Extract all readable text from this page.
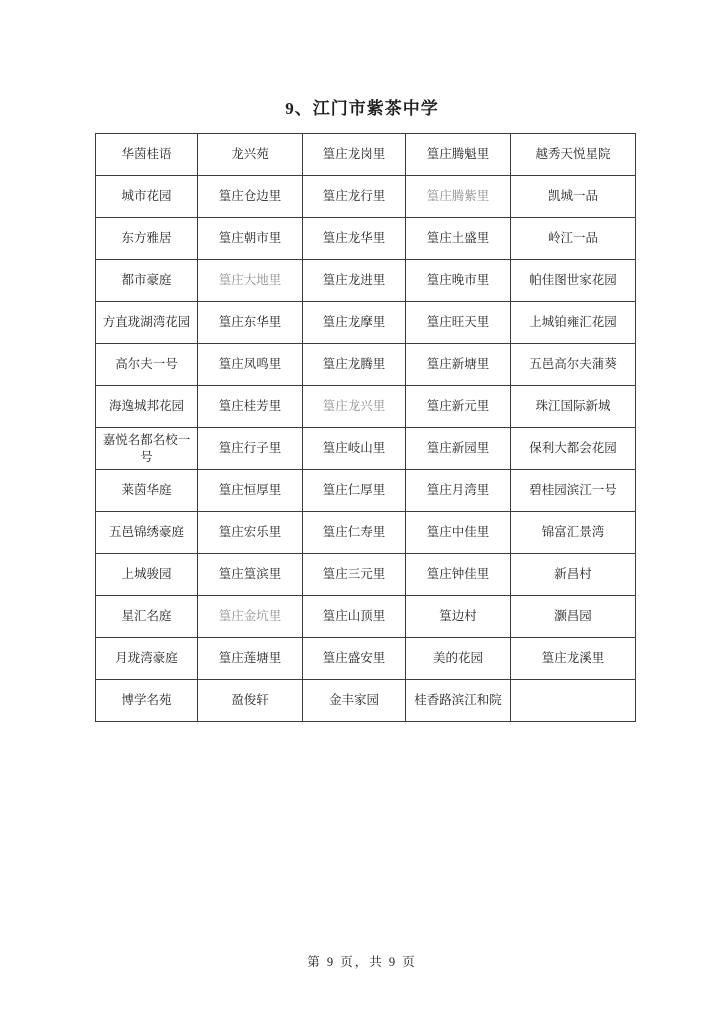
9、江门市紫茶中学
华茵桂语	龙兴苑	篁庄龙岗里	篁庄腾魁里	越秀天悦星院
城市花园	篁庄仓边里	篁庄龙行里	篁庄腾紫里	凯城一品
东方雅居	篁庄朝市里	篁庄龙华里	篁庄土盛里	岭江一品
都市豪庭	篁庄大地里	篁庄龙进里	篁庄晚市里	帕佳图世家花园
方直珑湖湾花园	篁庄东华里	篁庄龙摩里	篁庄旺天里	上城铂雍汇花园
高尔夫一号	篁庄凤鸣里	篁庄龙腾里	篁庄新塘里	五邑高尔夫蒲葵
海逸城邦花园	篁庄桂芳里	篁庄龙兴里	篁庄新元里	珠江国际新城
嘉悦名都名校一号	篁庄行子里	篁庄岐山里	篁庄新园里	保利大都会花园
莱茵华庭	篁庄恒厚里	篁庄仁厚里	篁庄月湾里	碧桂园滨江一号
五邑锦绣豪庭	篁庄宏乐里	篁庄仁寿里	篁庄中佳里	锦富汇景湾
上城骏园	篁庄篁滨里	篁庄三元里	篁庄钟佳里	新昌村
星汇名庭	篁庄金坑里	篁庄山顶里	篁边村	灏昌园
月珑湾豪庭	篁庄莲塘里	篁庄盛安里	美的花园	篁庄龙溪里
博学名苑	盈俊轩	金丰家园	桂香路滨江和院	
第 9 页，共 9 页
